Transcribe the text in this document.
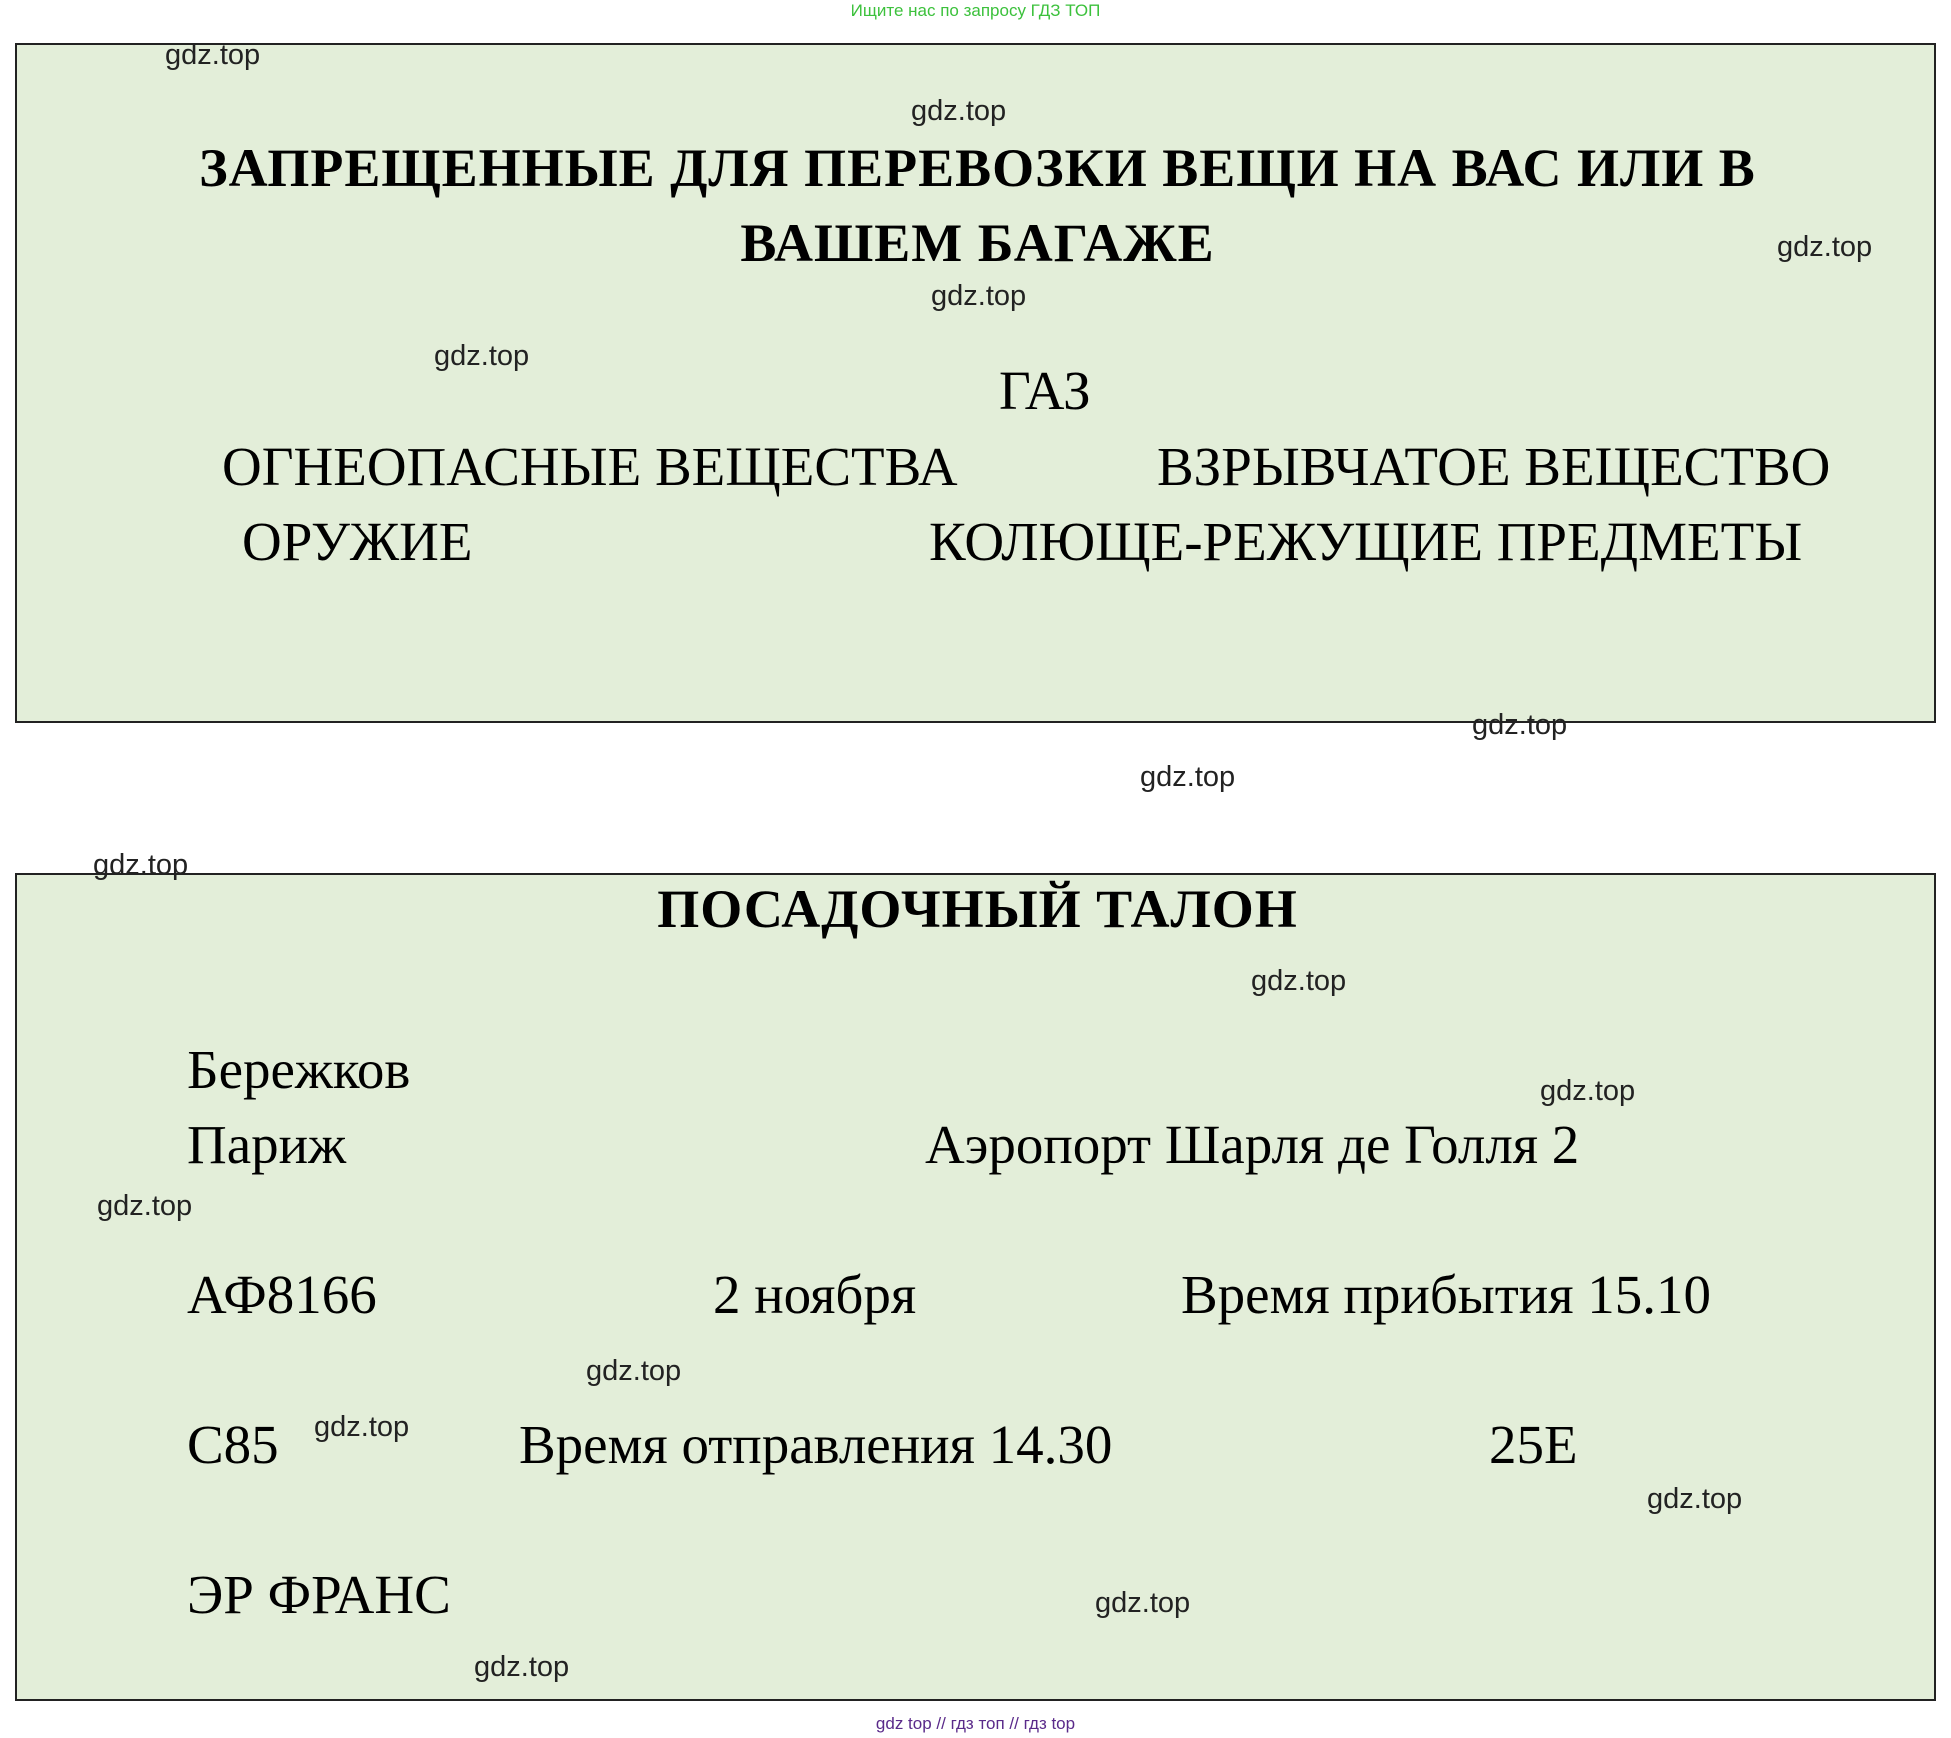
Ищите нас по запросу ГДЗ ТОП
ЗАПРЕЩЕННЫЕ ДЛЯ ПЕРЕВОЗКИ ВЕЩИ НА ВАС ИЛИ В
ВАШЕМ БАГАЖЕ
ГАЗ
ОГНЕОПАСНЫЕ ВЕЩЕСТВА	ВЗРЫВЧАТОЕ ВЕЩЕСТВО
ОРУЖИЕ	КОЛЮЩЕ-РЕЖУЩИЕ ПРЕДМЕТЫ
ПОСАДОЧНЫЙ ТАЛОН
Бережков
Париж	Аэропорт Шарля де Голля 2
АФ8166	2 ноября	Время прибытия 15.10
С85	Время отправления 14.30	25Е
ЭР ФРАНС
gdz.top
gdz.top
gdz.top
gdz.top
gdz.top
gdz.top
gdz.top
gdz.top
gdz.top
gdz.top
gdz.top
gdz.top
gdz.top
gdz.top
gdz.top
gdz.top
gdz top // гдз топ // гдз top
